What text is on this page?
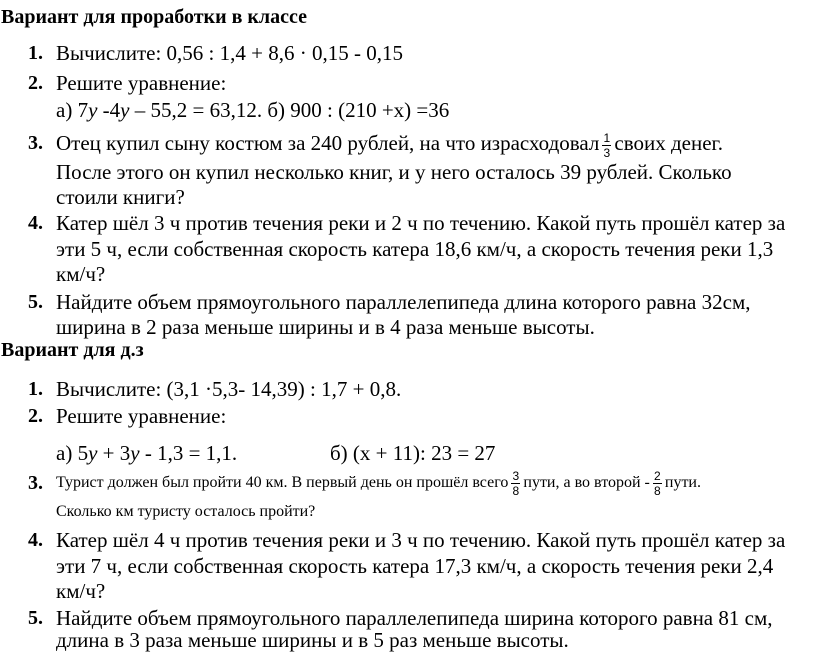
Вариант для проработки в классе
1. Вычислите: 0,56 : 1,4 + 8,6 · 0,15 - 0,15
2. Решите уравнение:
а) 7y -4y – 55,2 = 63,12. б) 900 : (210 +х) =36
3. Отец купил сыну костюм за 240 рублей, на что израсходовал $\frac{1}{3}$ своих денег.
После этого он купил несколько книг, и у него осталось 39 рублей. Сколько
стоили книги?
4. Катер шёл 3 ч против течения реки и 2 ч по течению. Какой путь прошёл катер за
эти 5 ч, если собственная скорость катера 18,6 км/ч, а скорость течения реки 1,3
км/ч?
5. Найдите объем прямоугольного параллелепипеда длина которого равна 32см,
ширина в 2 раза меньше ширины и в 4 раза меньше высоты.
Вариант для д.з
1. Вычислите: (3,1 ·5,3- 14,39) : 1,7 + 0,8.
2. Решите уравнение:
а) 5y + 3y - 1,3 = 1,1.	б) (х + 11): 23 = 27
3. Турист должен был пройти 40 км. В первый день он прошёл всего $\frac{3}{8}$ пути, а во второй - $\frac{2}{8}$ пути.
Сколько км туристу осталось пройти?
4. Катер шёл 4 ч против течения реки и 3 ч по течению. Какой путь прошёл катер за
эти 7 ч, если собственная скорость катера 17,3 км/ч, а скорость течения реки 2,4
км/ч?
5. Найдите объем прямоугольного параллелепипеда ширина которого равна 81 см,
длина в 3 раза меньше ширины и в 5 раз меньше высоты.
